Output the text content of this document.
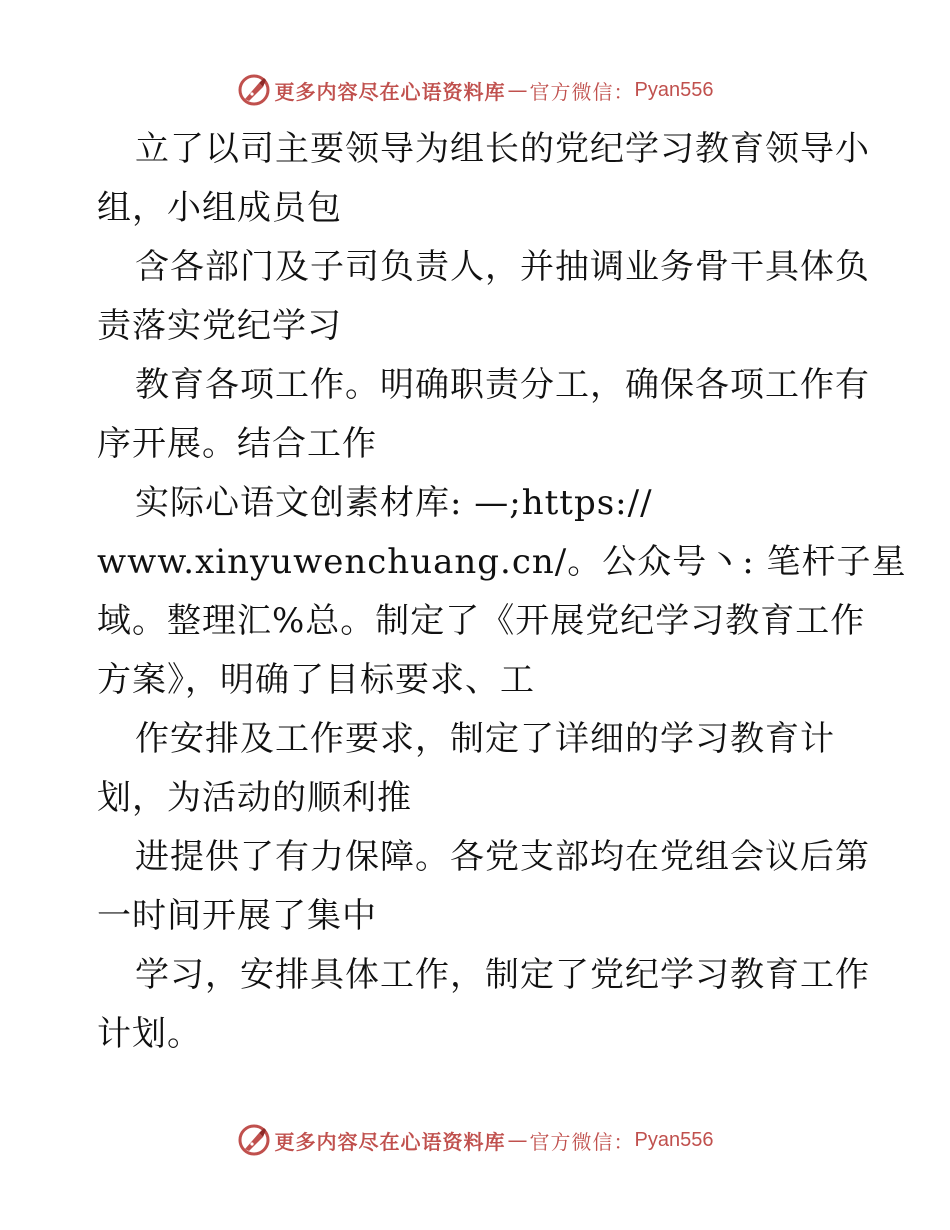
更多内容尽在心语资料库 — 官方微信： Pyan556
立了以司主要领导为组长的党纪学习教育领导小
组，小组成员包
含各部门及子司负责人，并抽调业务骨干具体负
责落实党纪学习
教育各项工作。明确职责分工，确保各项工作有
序开展。结合工作
实际心语文创素材库: —;https://
www.xinyuwenchuang.cn/。公众号丶: 笔杆子星
域。整理汇%总。制定了《开展党纪学习教育工作
方案》，明确了目标要求、工
作安排及工作要求，制定了详细的学习教育计
划，为活动的顺利推
进提供了有力保障。各党支部均在党组会议后第
一时间开展了集中
学习，安排具体工作，制定了党纪学习教育工作
计划。
更多内容尽在心语资料库 — 官方微信： Pyan556
